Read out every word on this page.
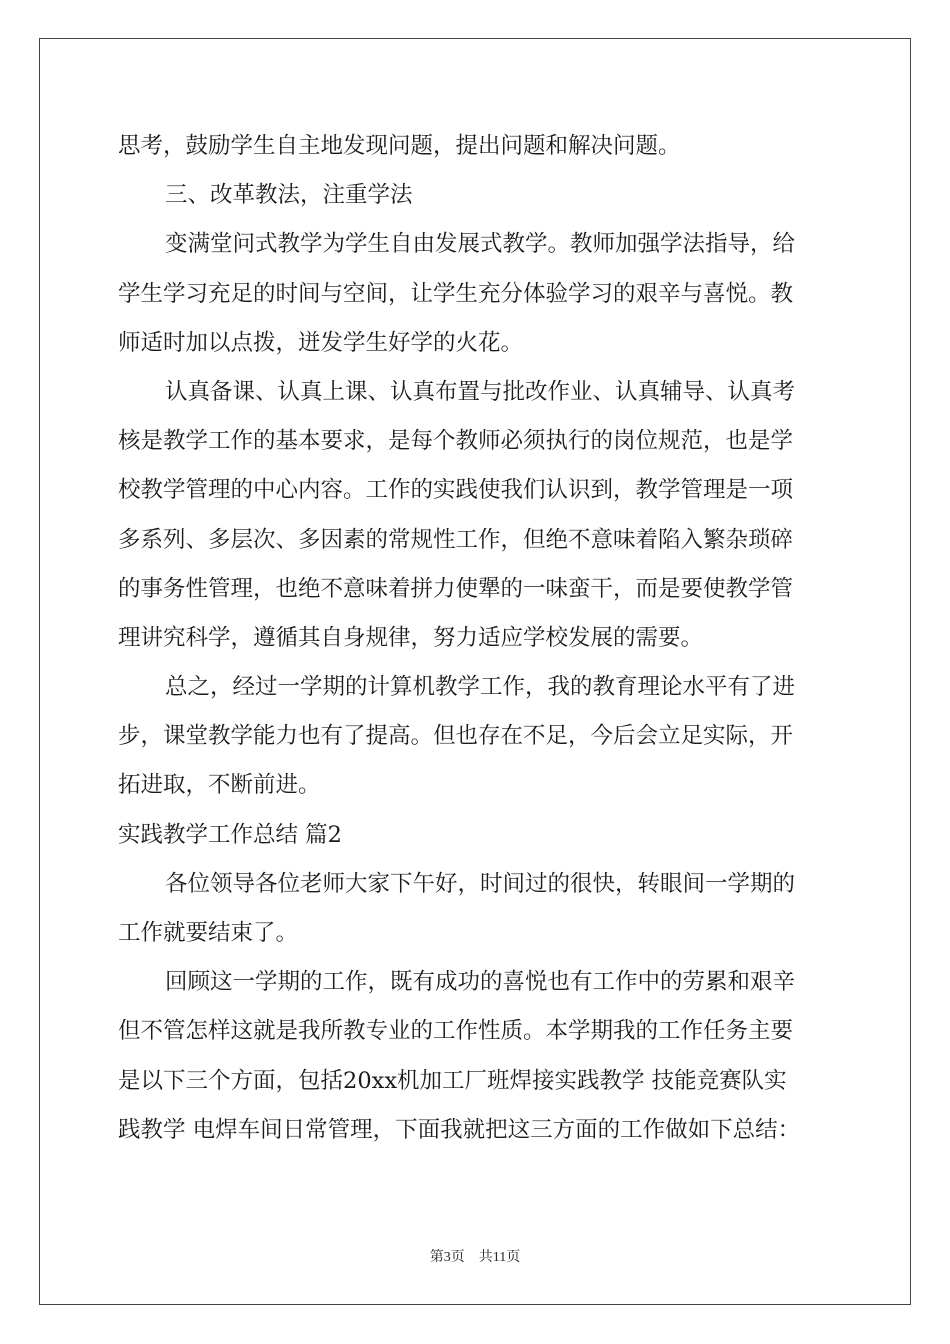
思考，鼓励学生自主地发现问题，提出问题和解决问题。
三、改革教法，注重学法
变满堂问式教学为学生自由发展式教学。教师加强学法指导，给
学生学习充足的时间与空间，让学生充分体验学习的艰辛与喜悦。教
师适时加以点拨，迸发学生好学的火花。
认真备课、认真上课、认真布置与批改作业、认真辅导、认真考
核是教学工作的基本要求，是每个教师必须执行的岗位规范，也是学
校教学管理的中心内容。工作的实践使我们认识到，教学管理是一项
多系列、多层次、多因素的常规性工作，但绝不意味着陷入繁杂琐碎
的事务性管理，也绝不意味着拼力使犟的一味蛮干，而是要使教学管
理讲究科学，遵循其自身规律，努力适应学校发展的需要。
总之，经过一学期的计算机教学工作，我的教育理论水平有了进
步，课堂教学能力也有了提高。但也存在不足，今后会立足实际，开
拓进取，不断前进。
实践教学工作总结 篇2
各位领导各位老师大家下午好，时间过的很快，转眼间一学期的
工作就要结束了。
回顾这一学期的工作，既有成功的喜悦也有工作中的劳累和艰辛
但不管怎样这就是我所教专业的工作性质。本学期我的工作任务主要
是以下三个方面，包括20xx机加工厂班焊接实践教学 技能竞赛队实
践教学 电焊车间日常管理，下面我就把这三方面的工作做如下总结：
第3页 共11页
